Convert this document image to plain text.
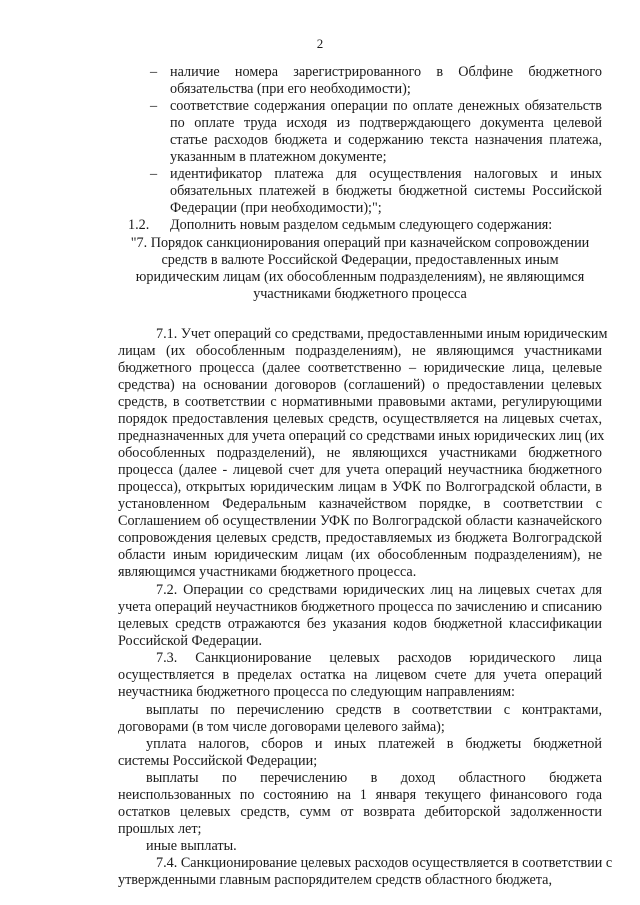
2
– наличие номера зарегистрированного в Облфине бюджетного
обязательства (при его необходимости);
– соответствие содержания операции по оплате денежных обязательств
по оплате труда исходя из подтверждающего документа целевой
статье расходов бюджета и содержанию текста назначения платежа,
указанным в платежном документе;
– идентификатор платежа для осуществления налоговых и иных
обязательных платежей в бюджеты бюджетной системы Российской
Федерации (при необходимости);";
1.2. Дополнить новым разделом седьмым следующего содержания:
"7. Порядок санкционирования операций при казначейском сопровождении
средств в валюте Российской Федерации, предоставленных иным
юридическим лицам (их обособленным подразделениям), не являющимся
участниками бюджетного процесса
7.1. Учет операций со средствами, предоставленными иным юридическим
лицам (их обособленным подразделениям), не являющимся участниками
бюджетного процесса (далее соответственно – юридические лица, целевые
средства) на основании договоров (соглашений) о предоставлении целевых
средств, в соответствии с нормативными правовыми актами, регулирующими
порядок предоставления целевых средств, осуществляется на лицевых счетах,
предназначенных для учета операций со средствами иных юридических лиц (их
обособленных подразделений), не являющихся участниками бюджетного
процесса (далее - лицевой счет для учета операций неучастника бюджетного
процесса), открытых юридическим лицам в УФК по Волгоградской области, в
установленном Федеральным казначейством порядке, в соответствии с
Соглашением об осуществлении УФК по Волгоградской области казначейского
сопровождения целевых средств, предоставляемых из бюджета Волгоградской
области иным юридическим лицам (их обособленным подразделениям), не
являющимся участниками бюджетного процесса.
7.2. Операции со средствами юридических лиц на лицевых счетах для
учета операций неучастников бюджетного процесса по зачислению и списанию
целевых средств отражаются без указания кодов бюджетной классификации
Российской Федерации.
7.3. Санкционирование целевых расходов юридического лица
осуществляется в пределах остатка на лицевом счете для учета операций
неучастника бюджетного процесса по следующим направлениям:
выплаты по перечислению средств в соответствии с контрактами,
договорами (в том числе договорами целевого займа);
уплата налогов, сборов и иных платежей в бюджеты бюджетной
системы Российской Федерации;
выплаты по перечислению в доход областного бюджета
неиспользованных по состоянию на 1 января текущего финансового года
остатков целевых средств, сумм от возврата дебиторской задолженности
прошлых лет;
иные выплаты.
7.4. Санкционирование целевых расходов осуществляется в соответствии с
утвержденными главным распорядителем средств областного бюджета,
